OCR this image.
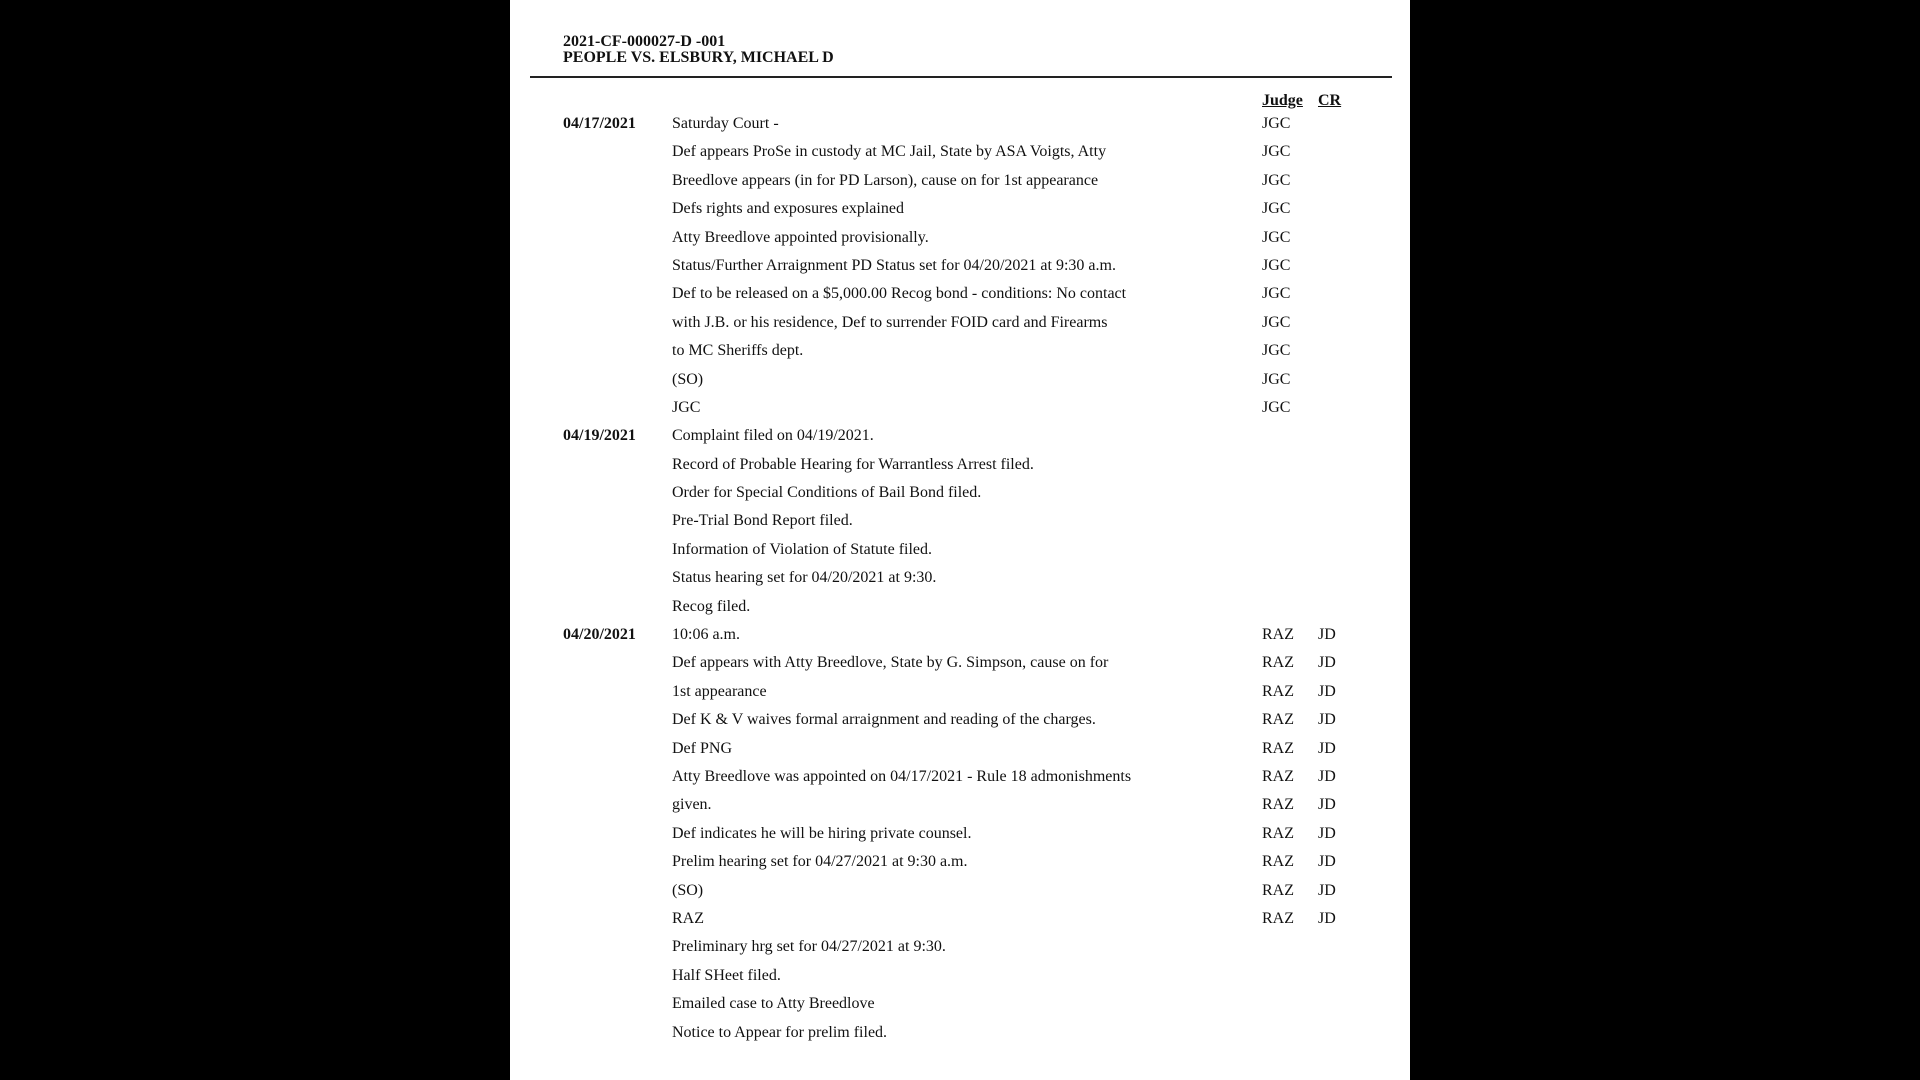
2021-CF-000027-D -001
PEOPLE VS. ELSBURY, MICHAEL D
Judge CR
04/17/2021 Saturday Court -	JGC
Def appears ProSe in custody at MC Jail, State by ASA Voigts, Atty	JGC
Breedlove appears (in for PD Larson), cause on for 1st appearance	JGC
Defs rights and exposures explained	JGC
Atty Breedlove appointed provisionally.	JGC
Status/Further Arraignment PD Status set for 04/20/2021 at 9:30 a.m.	JGC
Def to be released on a $5,000.00 Recog bond - conditions: No contact	JGC
with J.B. or his residence, Def to surrender FOID card and Firearms	JGC
to MC Sheriffs dept.	JGC
(SO)	JGC
JGC	JGC
04/19/2021 Complaint filed on 04/19/2021.
Record of Probable Hearing for Warrantless Arrest filed.
Order for Special Conditions of Bail Bond filed.
Pre-Trial Bond Report filed.
Information of Violation of Statute filed.
Status hearing set for 04/20/2021 at 9:30.
Recog filed.
04/20/2021 10:06 a.m.	RAZ JD
Def appears with Atty Breedlove, State by G. Simpson, cause on for	RAZ JD
1st appearance	RAZ JD
Def K & V waives formal arraignment and reading of the charges.	RAZ JD
Def PNG	RAZ JD
Atty Breedlove was appointed on 04/17/2021 - Rule 18 admonishments	RAZ JD
given.	RAZ JD
Def indicates he will be hiring private counsel.	RAZ JD
Prelim hearing set for 04/27/2021 at 9:30 a.m.	RAZ JD
(SO)	RAZ JD
RAZ	RAZ JD
Preliminary hrg set for 04/27/2021 at 9:30.
Half SHeet filed.
Emailed case to Atty Breedlove
Notice to Appear for prelim filed.
